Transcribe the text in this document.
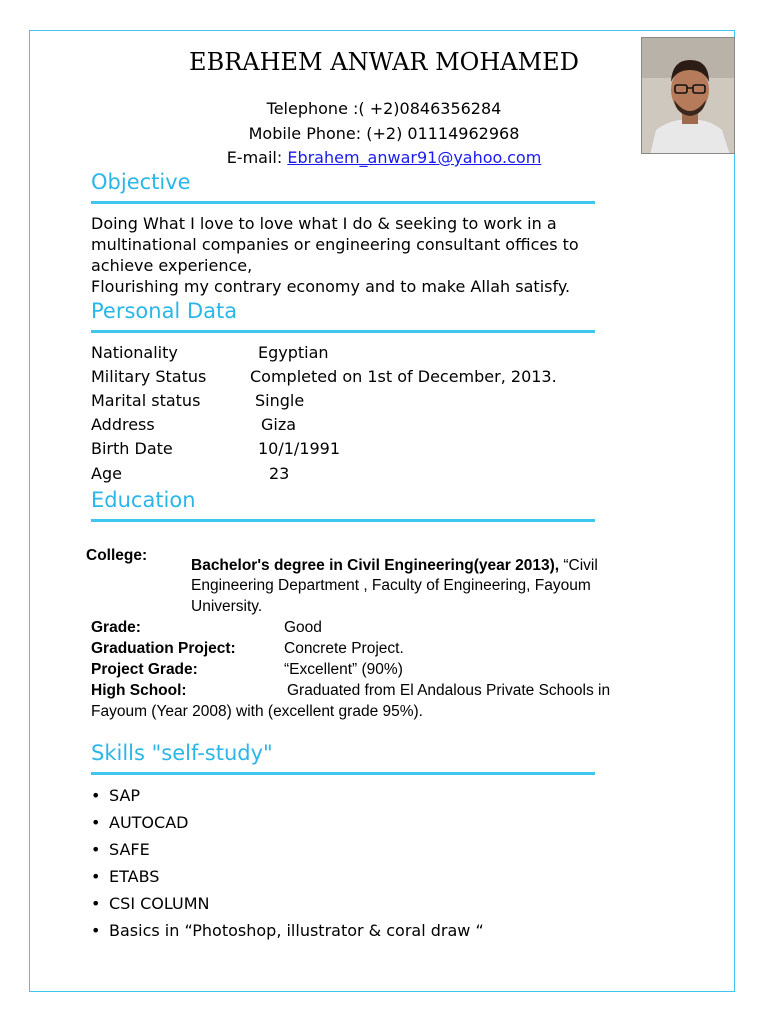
EBRAHEM ANWAR MOHAMED
Telephone :( +2)0846356284
Mobile Phone: (+2) 01114962968
E-mail: Ebrahem_anwar91@yahoo.com
Objective
Doing What I love to love what I do & seeking to work in a
multinational companies or engineering consultant offices to
achieve experience,
Flourishing my contrary economy and to make Allah satisfy.
Personal Data
Nationality	Egyptian
Military Status	Completed on 1st of December, 2013.
Marital status	Single
Address	Giza
Birth Date	10/1/1991
Age	23
Education
College:
Bachelor's degree in Civil Engineering(year 2013), “Civil
Engineering Department , Faculty of Engineering, Fayoum
University.
Grade:	Good
Graduation Project:	Concrete Project.
Project Grade:	“Excellent” (90%)
High School:	Graduated from El Andalous Private Schools in
Fayoum (Year 2008) with (excellent grade 95%).
Skills "self-study"
• SAP
• AUTOCAD
• SAFE
• ETABS
• CSI COLUMN
• Basics in “Photoshop, illustrator & coral draw “
